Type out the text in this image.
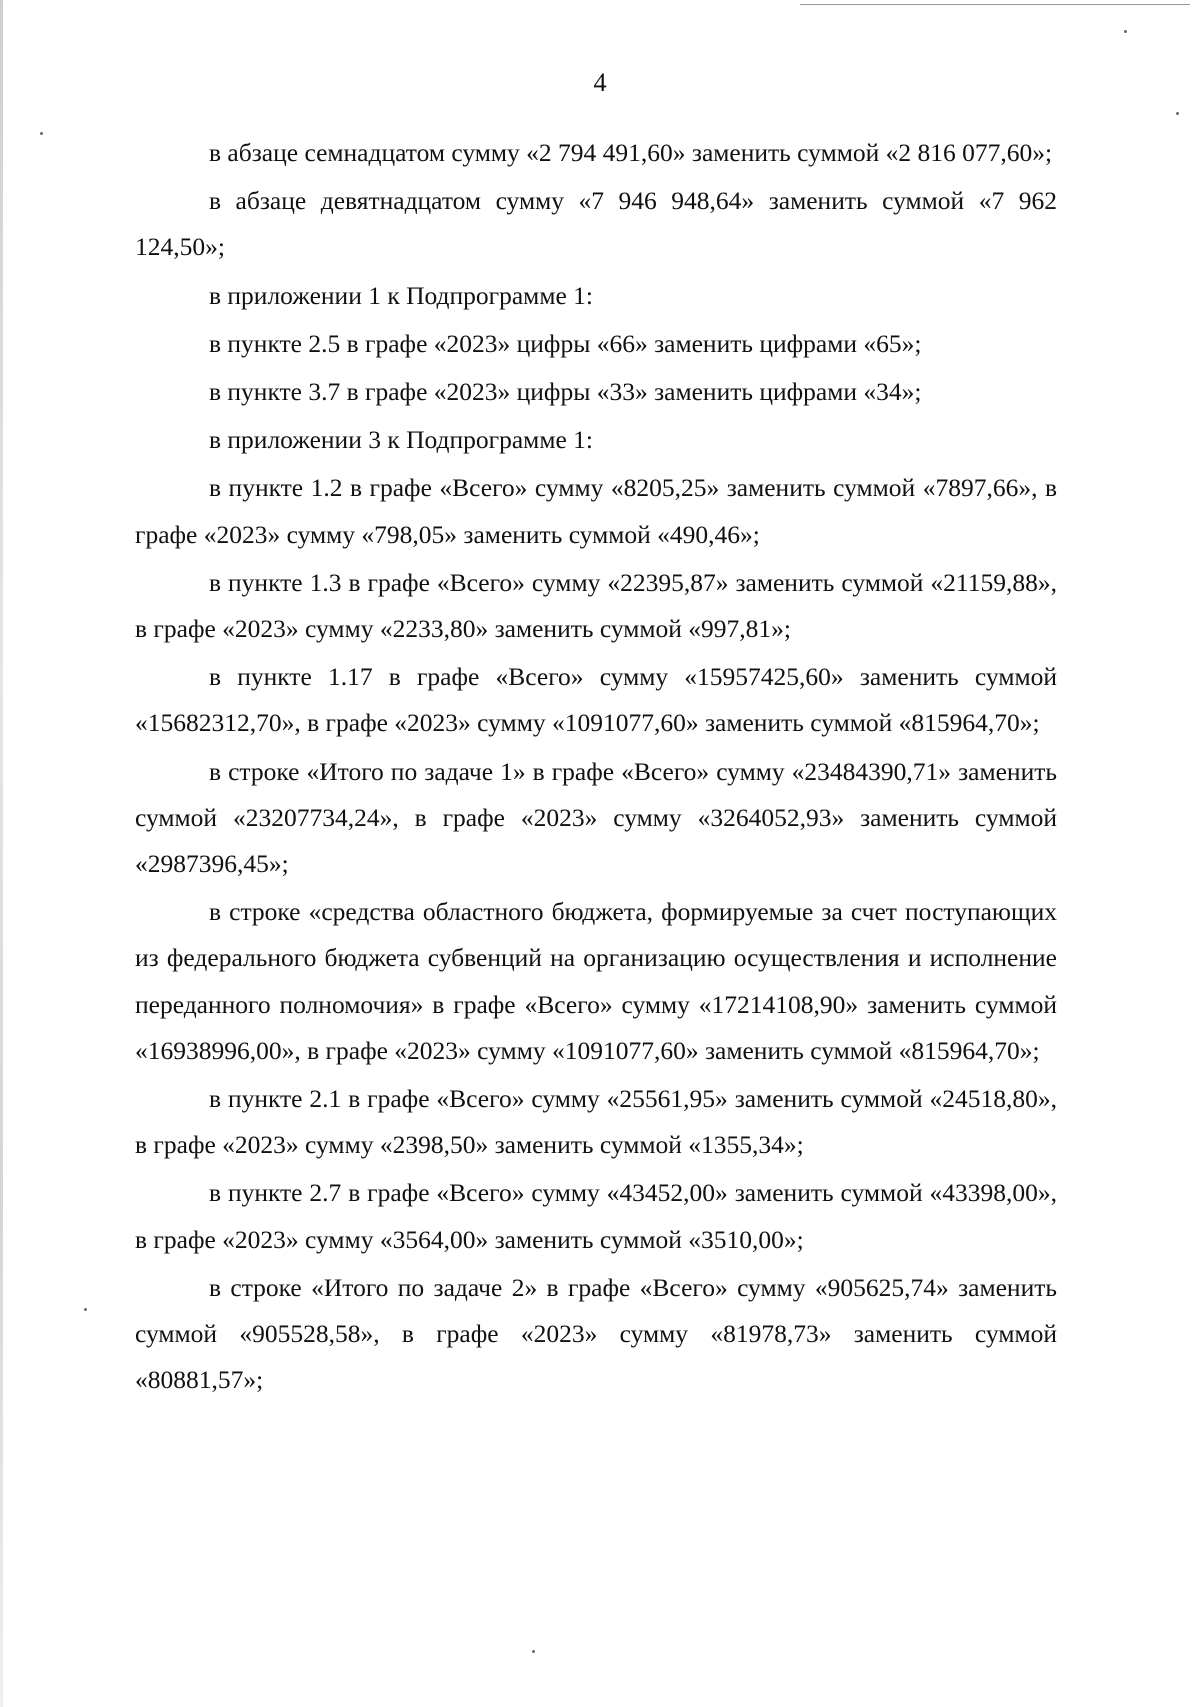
4

в абзаце семнадцатом сумму «2 794 491,60» заменить суммой «2 816 077,60»;

в абзаце девятнадцатом сумму «7 946 948,64» заменить суммой «7 962 124,50»;

в приложении 1 к Подпрограмме 1:

в пункте 2.5 в графе «2023» цифры «66» заменить цифрами «65»;

в пункте 3.7 в графе «2023» цифры «33» заменить цифрами «34»;

в приложении 3 к Подпрограмме 1:

в пункте 1.2 в графе «Всего» сумму «8205,25» заменить суммой «7897,66», в графе «2023» сумму «798,05» заменить суммой «490,46»;

в пункте 1.3 в графе «Всего» сумму «22395,87» заменить суммой «21159,88», в графе «2023» сумму «2233,80» заменить суммой «997,81»;

в пункте 1.17 в графе «Всего» сумму «15957425,60» заменить суммой «15682312,70», в графе «2023» сумму «1091077,60» заменить суммой «815964,70»;

в строке «Итого по задаче 1» в графе «Всего» сумму «23484390,71» заменить суммой «23207734,24», в графе «2023» сумму «3264052,93» заменить суммой «2987396,45»;

в строке «средства областного бюджета, формируемые за счет поступающих из федерального бюджета субвенций на организацию осуществления и исполнение переданного полномочия» в графе «Всего» сумму «17214108,90» заменить суммой «16938996,00», в графе «2023» сумму «1091077,60» заменить суммой «815964,70»;

в пункте 2.1 в графе «Всего» сумму «25561,95» заменить суммой «24518,80», в графе «2023» сумму «2398,50» заменить суммой «1355,34»;

в пункте 2.7 в графе «Всего» сумму «43452,00» заменить суммой «43398,00», в графе «2023» сумму «3564,00» заменить суммой «3510,00»;

в строке «Итого по задаче 2» в графе «Всего» сумму «905625,74» заменить суммой «905528,58», в графе «2023» сумму «81978,73» заменить суммой «80881,57»;
